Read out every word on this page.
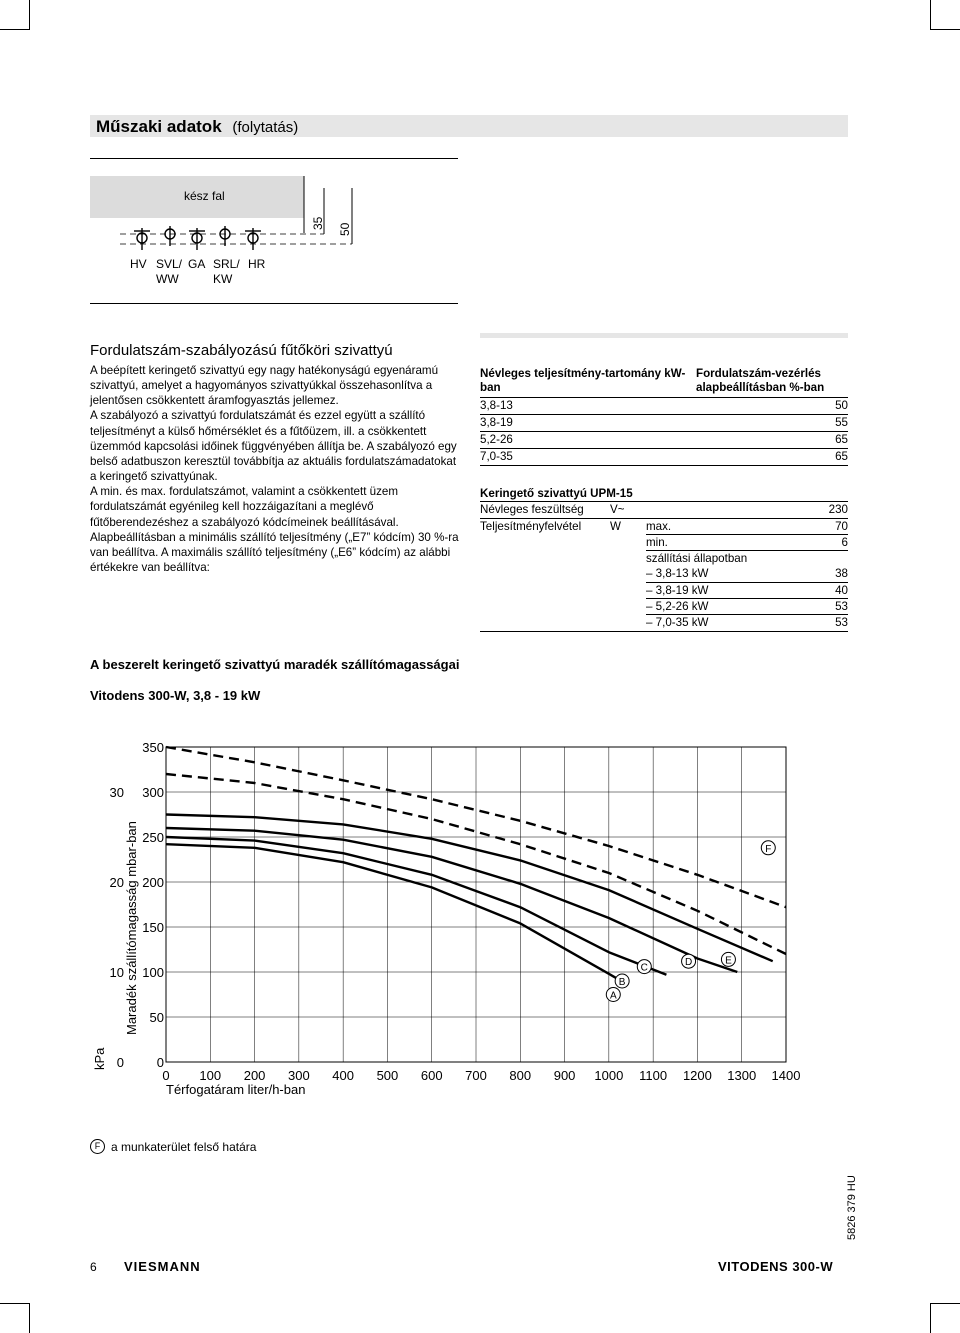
Műszaki adatok (folytatás)
kész fal
35 50
HV SVL/ WW
GA SRL/ KW
HR
Fordulatszám-szabályozású fűtőköri szivattyú

A beépített keringető szivattyú egy nagy hatékonyságú egyenáramú szivattyú, amelyet a hagyományos szivattyúkkal összehasonlítva a jelentősen csökkentett áramfogyasztás jellemez.

A szabályozó a szivattyú fordulatszámát és ezzel együtt a szállító teljesítményt a külső hőmérséklet és a fűtőüzem, ill. a csökkentett üzemmód kapcsolási időinek függvényében állítja be. A szabályozó egy belső adatbuszon keresztül továbbítja az aktuális fordulatszámadatokat a keringető szivattyúnak.

A min. és max. fordulatszámot, valamint a csökkentett üzem fordulatszámát egyénileg kell hozzáigazítani a meglévő fűtőberendezéshez a szabályozó kódcímeinek beállításával.

Alapbeállításban a minimális szállító teljesítmény („E7” kódcím) 30 %-ra van beállítva. A maximális szállító teljesítmény („E6” kódcím) az alábbi értékekre van beállítva:

Névleges teljesítmény-tartomány kW-ban	Fordulatszám-vezérlés alapbeállításban %-ban
3,8-13	50
3,8-19	55
5,2-26	65
7,0-35	65
Keringető szivattyú UPM-15			
Névleges feszültség	V~		230
Teljesítményfelvétel	W	max.	70
		min.	6
		szállítási állapotban	
		– 3,8-13 kW	38
		– 3,8-19 kW	40
		– 5,2-26 kW	53
		– 7,0-35 kW	53
A beszerelt keringető szivattyú maradék szállítómagasságai
Vitodens 300-W, 3,8 - 19 kW
0 100 200 300 400 500 600 700 800 900 1000 1100 1200 1300 1400
0
50
100
150
200
250
300
350
0
10
20
30
A
B
C	D	E
F
Térfogatáram liter/h-ban
Maradék szállítómagasság mbar-ban
kPa
F a munkaterület felső határa
6 VIESMANN	VITODENS 300-W
5826 379 HU
